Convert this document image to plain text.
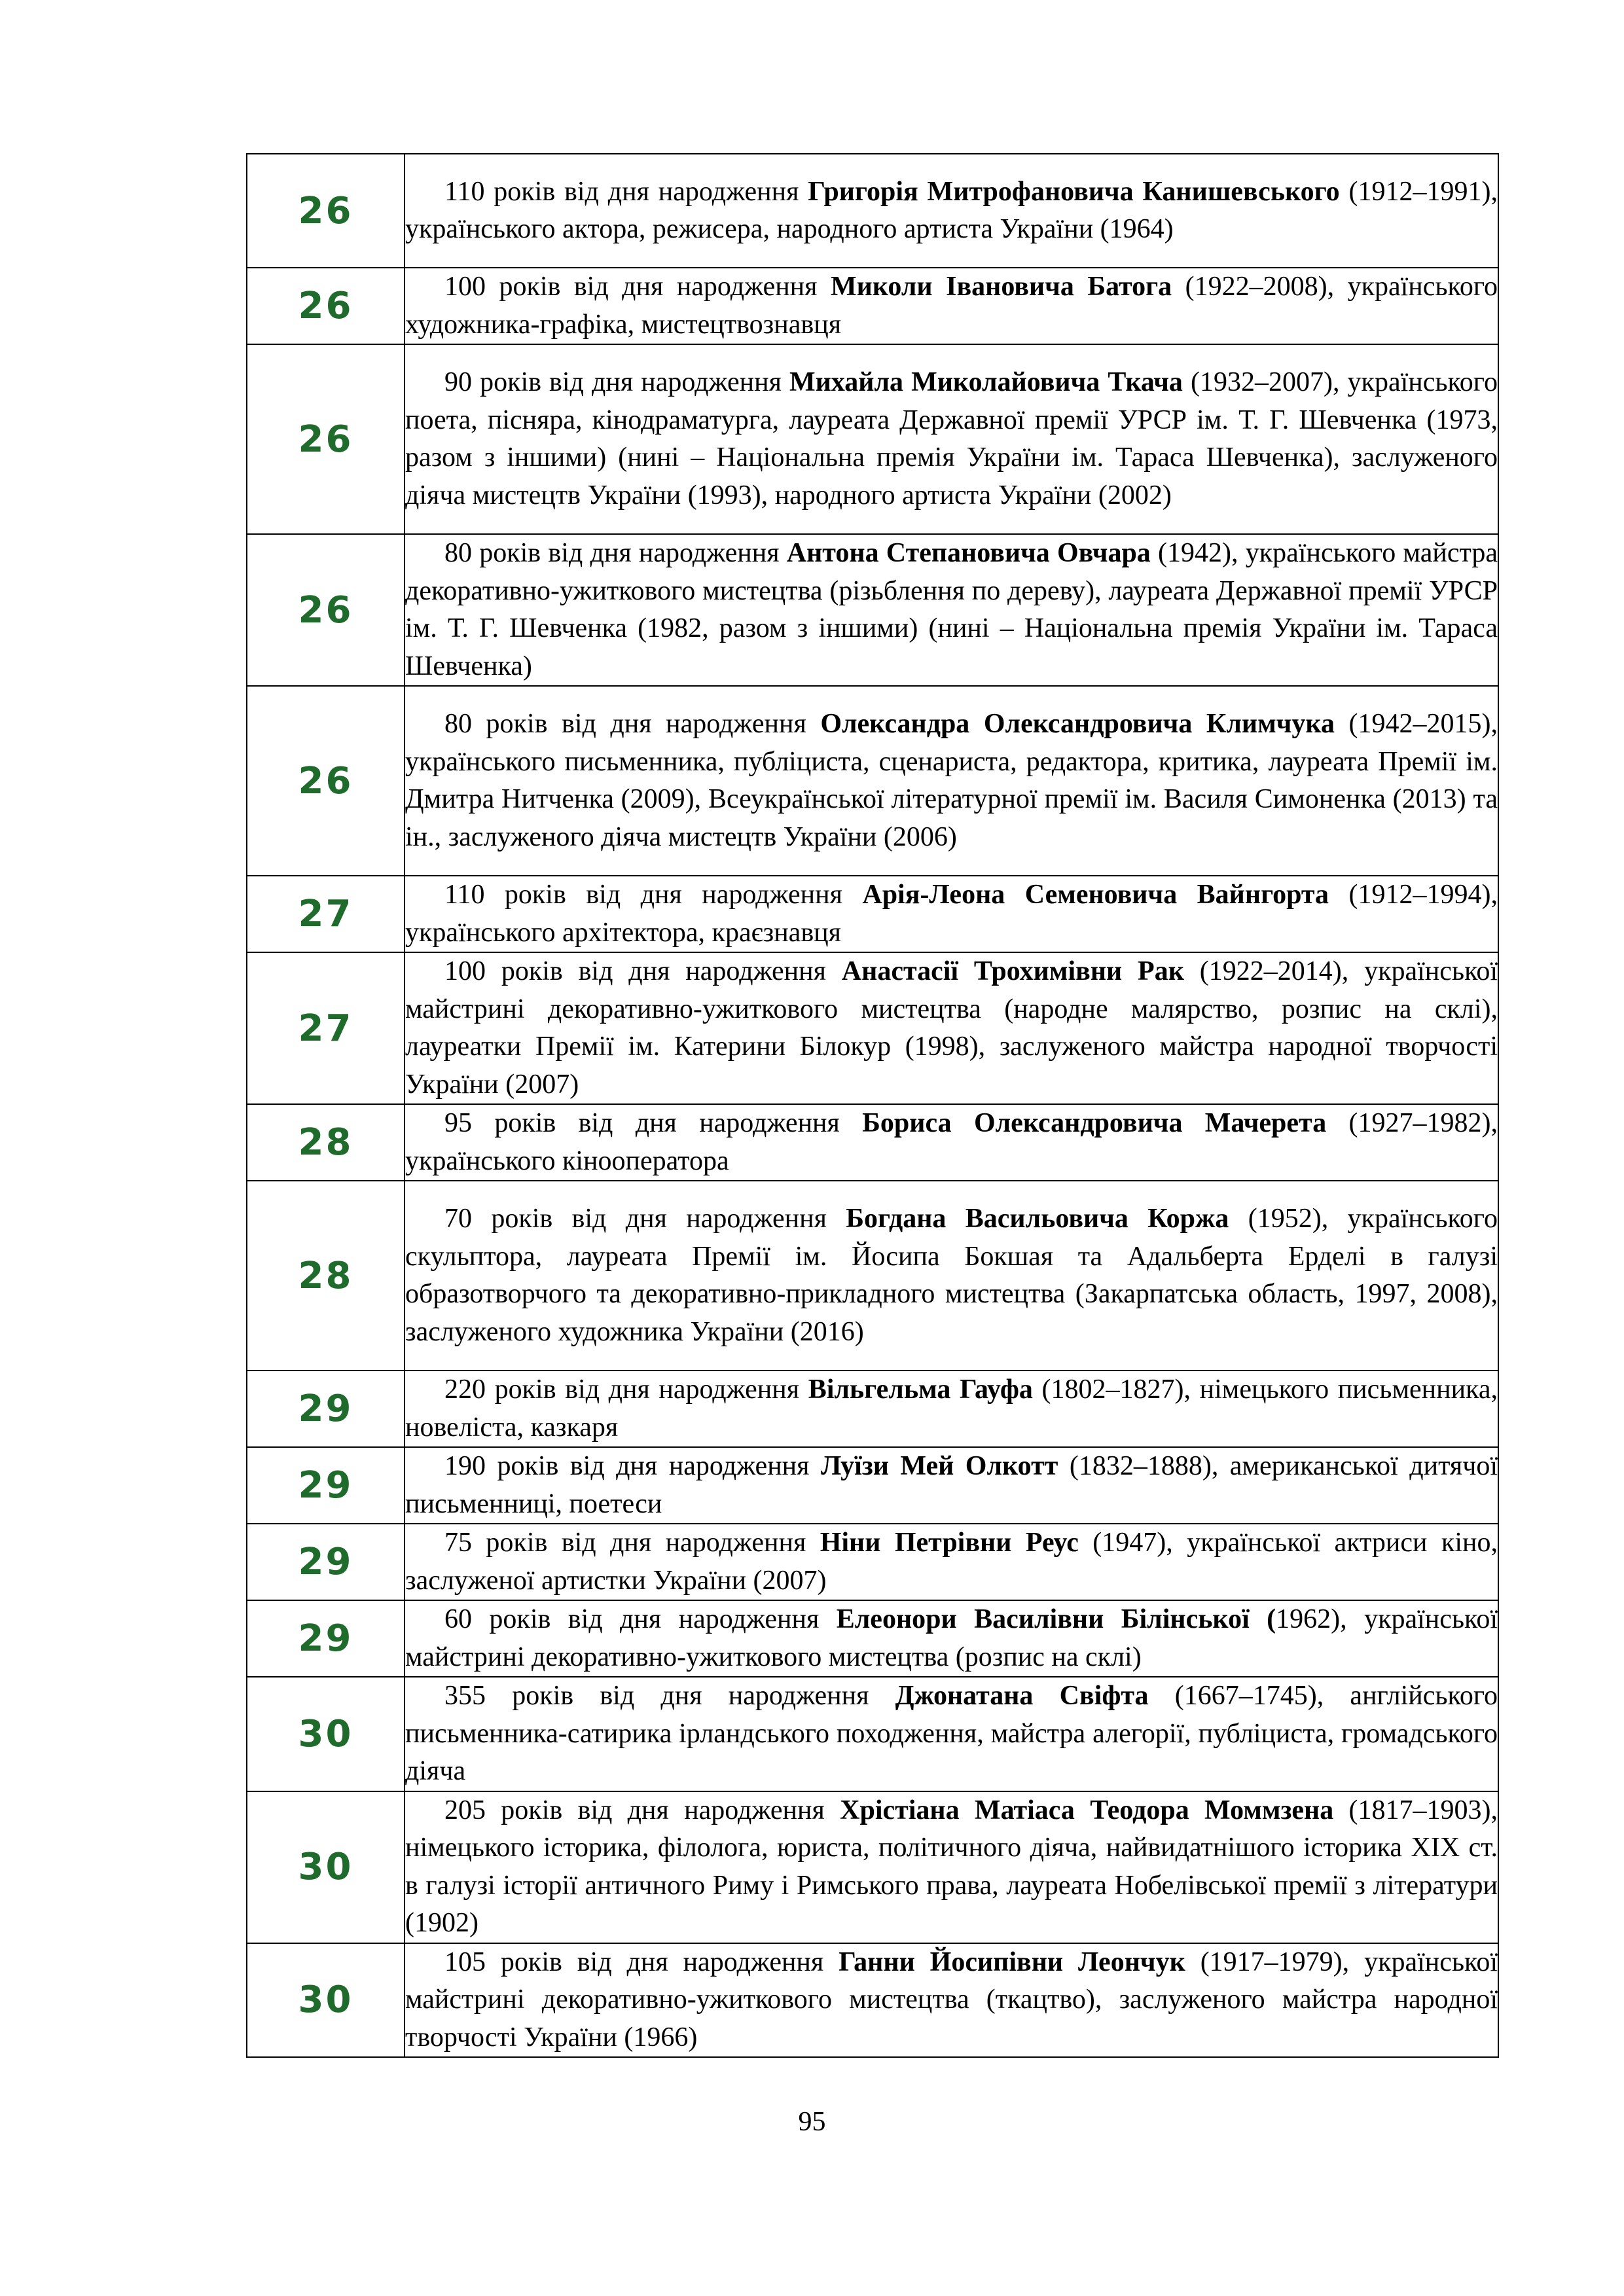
26	110 років від дня народження Григорія Митрофановича Канишевського (1912–1991), українського актора, режисера, народного артиста України (1964)
26	100 років від дня народження Миколи Івановича Батога (1922–2008), українського художника-графіка, мистецтвознавця
26	90 років від дня народження Михайла Миколайовича Ткача (1932–2007), українського поета, пісняра, кінодраматурга, лауреата Державної премії УРСР ім. Т. Г. Шевченка (1973, разом з іншими) (нині – Національна премія України ім. Тараса Шевченка), заслуженого діяча мистецтв України (1993), народного артиста України (2002)
26	80 років від дня народження Антона Степановича Овчара (1942), українського майстра декоративно-ужиткового мистецтва (різьблення по дереву), лауреата Державної премії УРСР ім. Т. Г. Шевченка (1982, разом з іншими) (нині – Національна премія України ім. Тараса Шевченка)
26	80 років від дня народження Олександра Олександровича Климчука (1942–2015), українського письменника, публіциста, сценариста, редактора, критика, лауреата Премії ім. Дмитра Нитченка (2009), Всеукраїнської літературної премії ім. Василя Симоненка (2013) та ін., заслуженого діяча мистецтв України (2006)
27	110 років від дня народження Арія-Леона Семеновича Вайнгорта (1912–1994), українського архітектора, краєзнавця
27	100 років від дня народження Анастасії Трохимівни Рак (1922–2014), української майстрині декоративно-ужиткового мистецтва (народне малярство, розпис на склі), лауреатки Премії ім. Катерини Білокур (1998), заслуженого майстра народної творчості України (2007)
28	95 років від дня народження Бориса Олександровича Мачерета (1927–1982), українського кінооператора
28	70 років від дня народження Богдана Васильовича Коржа (1952), українського скульптора, лауреата Премії ім. Йосипа Бокшая та Адальберта Ерделі в галузі образотворчого та декоративно-прикладного мистецтва (Закарпатська область, 1997, 2008), заслуженого художника України (2016)
29	220 років від дня народження Вільгельма Гауфа (1802–1827), німецького письменника, новеліста, казкаря
29	190 років від дня народження Луїзи Мей Олкотт (1832–1888), американської дитячої письменниці, поетеси
29	75 років від дня народження Ніни Петрівни Реус (1947), української актриси кіно, заслуженої артистки України (2007)
29	60 років від дня народження Елеонори Василівни Білінської (1962), української майстрині декоративно-ужиткового мистецтва (розпис на склі)
30	355 років від дня народження Джонатана Свіфта (1667–1745), англійського письменника-сатирика ірландського походження, майстра алегорії, публіциста, громадського діяча
30	205 років від дня народження Хрістіана Матіаса Теодора Моммзена (1817–1903), німецького історика, філолога, юриста, політичного діяча, найвидатнішого історика XIX ст. в галузі історії античного Риму і Римського права, лауреата Нобелівської премії з літератури (1902)
30	105 років від дня народження Ганни Йосипівни Леончук (1917–1979), української майстрині декоративно-ужиткового мистецтва (ткацтво), заслуженого майстра народної творчості України (1966)
95
